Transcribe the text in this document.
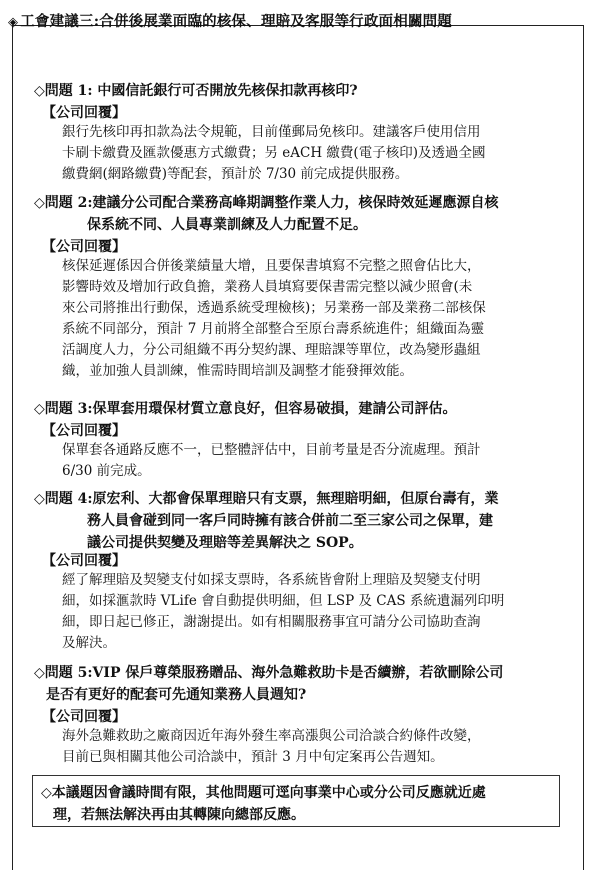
◈ 工會建議三:合併後展業面臨的核保、理賠及客服等行政面相關問題
◇問題 1: 中國信託銀行可否開放先核保扣款再核印?
【公司回覆】
銀行先核印再扣款為法令規範，目前僅郵局免核印。建議客戶使用信用
卡刷卡繳費及匯款優惠方式繳費；另 eACH 繳費(電子核印)及透過全國
繳費網(網路繳費)等配套，預計於 7/30 前完成提供服務。
◇問題 2:建議分公司配合業務高峰期調整作業人力，核保時效延遲應源自核
保系統不同、人員專業訓練及人力配置不足。
【公司回覆】
核保延遲係因合併後業績量大增，且要保書填寫不完整之照會佔比大，
影響時效及增加行政負擔，業務人員填寫要保書需完整以減少照會(未
來公司將推出行動保，透過系統受理檢核)；另業務一部及業務二部核保
系統不同部分，預計 7 月前將全部整合至原台壽系統進件；組織面為靈
活調度人力，分公司組織不再分契約課、理賠課等單位，改為變形蟲組
織，並加強人員訓練，惟需時間培訓及調整才能發揮效能。
◇問題 3:保單套用環保材質立意良好，但容易破損，建請公司評估。
【公司回覆】
保單套各通路反應不一，已整體評估中，目前考量是否分流處理。預計
6/30 前完成。
◇問題 4:原宏利、大都會保單理賠只有支票，無理賠明細，但原台壽有，業
務人員會碰到同一客戶同時擁有該合併前二至三家公司之保單，建
議公司提供契變及理賠等差異解決之 SOP。
【公司回覆】
經了解理賠及契變支付如採支票時，各系統皆會附上理賠及契變支付明
細，如採滙款時 VLife 會自動提供明細，但 LSP 及 CAS 系統遺漏列印明
細，即日起已修正，謝謝提出。如有相關服務事宜可請分公司協助查詢
及解決。
◇問題 5:VIP 保戶尊榮服務贈品、海外急難救助卡是否續辦，若欲刪除公司
是否有更好的配套可先通知業務人員週知?
【公司回覆】
海外急難救助之廠商因近年海外發生率高漲與公司洽談合約條件改變，
目前已與相關其他公司洽談中，預計 3 月中旬定案再公告週知。
◇本議題因會議時間有限，其他問題可逕向事業中心或分公司反應就近處
理，若無法解決再由其轉陳向總部反應。
